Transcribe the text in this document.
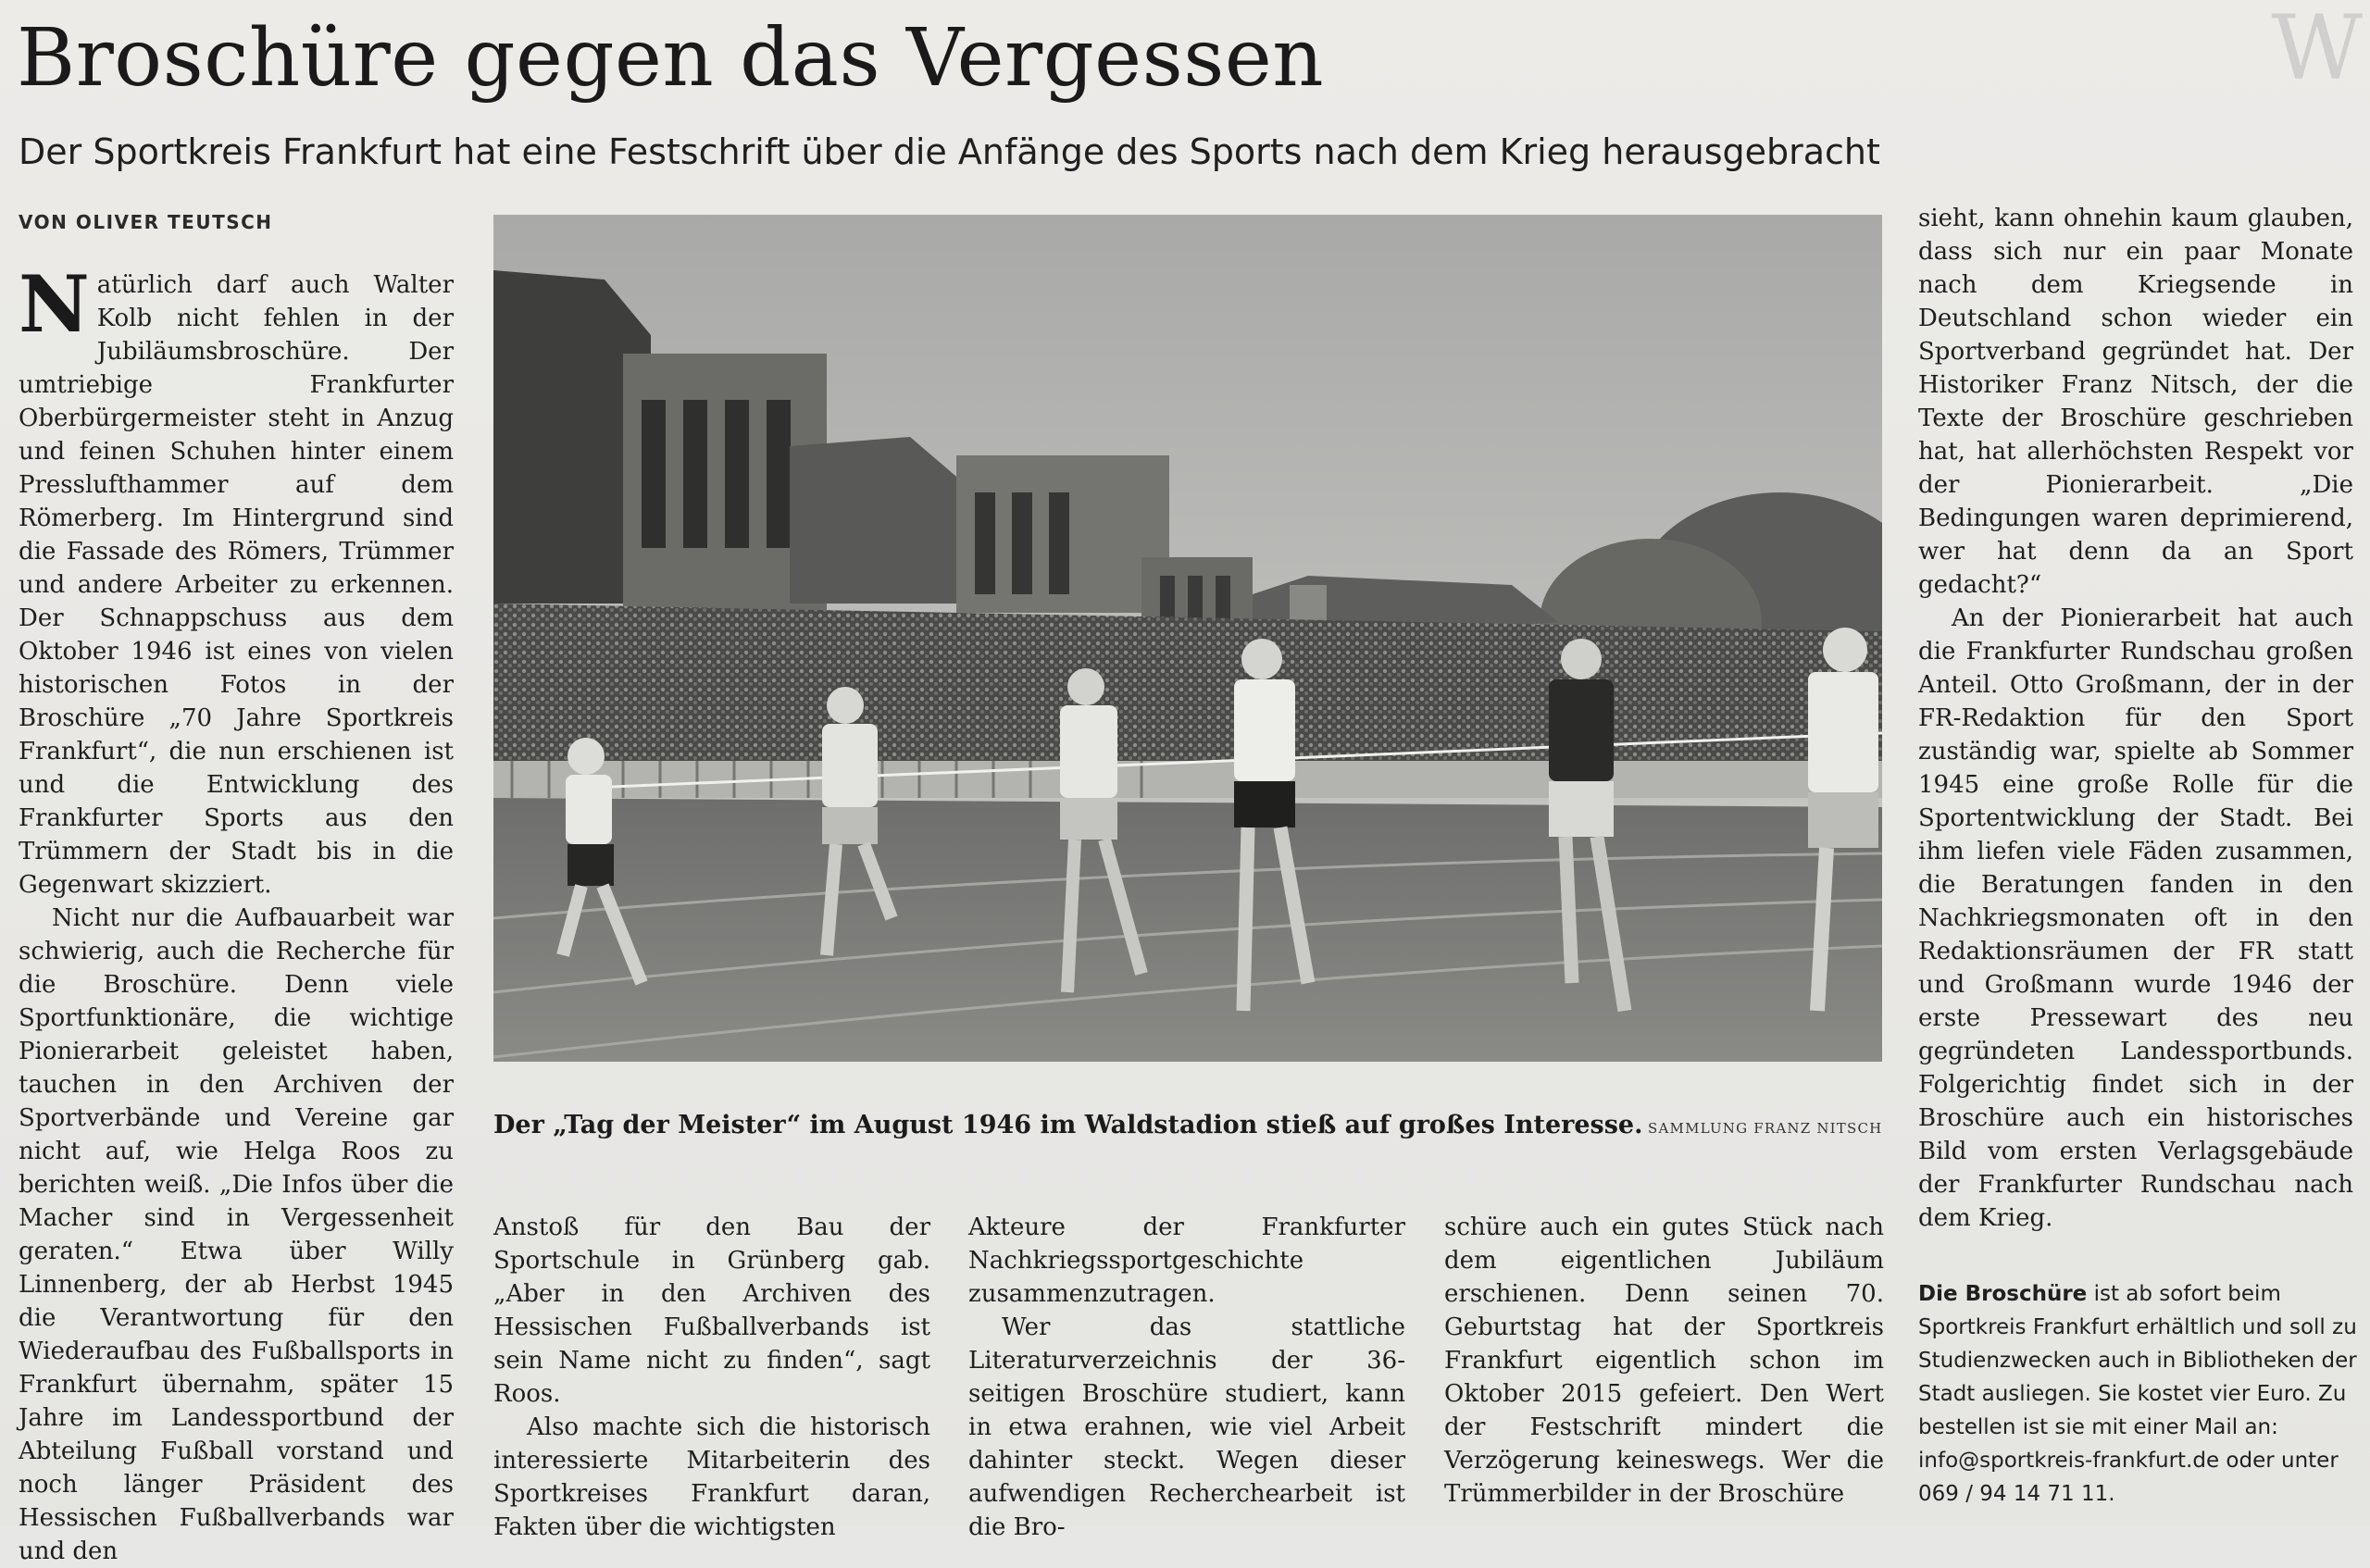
W
Broschüre gegen das Vergessen
Der Sportkreis Frankfurt hat eine Festschrift über die Anfänge des Sports nach dem Krieg herausgebracht
VON OLIVER TEUTSCH

Natürlich darf auch Walter Kolb nicht fehlen in der Jubiläumsbroschüre. Der umtriebige Frankfurter Oberbürgermeister steht in Anzug und feinen Schuhen hinter einem Presslufthammer auf dem Römerberg. Im Hintergrund sind die Fassade des Römers, Trümmer und andere Arbeiter zu erkennen. Der Schnappschuss aus dem Oktober 1946 ist eines von vielen historischen Fotos in der Broschüre „70 Jahre Sportkreis Frankfurt“, die nun erschienen ist und die Entwicklung des Frankfurter Sports aus den Trümmern der Stadt bis in die Gegenwart skizziert.

Nicht nur die Aufbauarbeit war schwierig, auch die Recherche für die Broschüre. Denn viele Sportfunktionäre, die wichtige Pionierarbeit geleistet haben, tauchen in den Archiven der Sportverbände und Vereine gar nicht auf, wie Helga Roos zu berichten weiß. „Die Infos über die Macher sind in Vergessenheit geraten.“ Etwa über Willy Linnenberg, der ab Herbst 1945 die Verantwortung für den Wiederaufbau des Fußballsports in Frankfurt übernahm, später 15 Jahre im Landessportbund der Abteilung Fußball vorstand und noch länger Präsident des Hessischen Fußballverbands war und den

Der „Tag der Meister“ im August 1946 im Waldstadion stieß auf großes Interesse. SAMMLUNG FRANZ NITSCH

Anstoß für den Bau der Sportschule in Grünberg gab. „Aber in den Archiven des Hessischen Fußballverbands ist sein Name nicht zu finden“, sagt Roos.

Also machte sich die historisch interessierte Mitarbeiterin des Sportkreises Frankfurt daran, Fakten über die wichtigsten

Akteure der Frankfurter Nachkriegssportgeschichte zusammenzutragen.

Wer das stattliche Literaturverzeichnis der 36-seitigen Broschüre studiert, kann in etwa erahnen, wie viel Arbeit dahinter steckt. Wegen dieser aufwendigen Recherchearbeit ist die Bro-

schüre auch ein gutes Stück nach dem eigentlichen Jubiläum erschienen. Denn seinen 70. Geburtstag hat der Sportkreis Frankfurt eigentlich schon im Oktober 2015 gefeiert. Den Wert der Festschrift mindert die Verzögerung keineswegs. Wer die Trümmerbilder in der Broschüre

sieht, kann ohnehin kaum glauben, dass sich nur ein paar Monate nach dem Kriegsende in Deutschland schon wieder ein Sportverband gegründet hat. Der Historiker Franz Nitsch, der die Texte der Broschüre geschrieben hat, hat allerhöchsten Respekt vor der Pionierarbeit. „Die Bedingungen waren deprimierend, wer hat denn da an Sport gedacht?“

An der Pionierarbeit hat auch die Frankfurter Rundschau großen Anteil. Otto Großmann, der in der FR-Redaktion für den Sport zuständig war, spielte ab Sommer 1945 eine große Rolle für die Sportentwicklung der Stadt. Bei ihm liefen viele Fäden zusammen, die Beratungen fanden in den Nachkriegsmonaten oft in den Redaktionsräumen der FR statt und Großmann wurde 1946 der erste Pressewart des neu gegründeten Landessportbunds. Folgerichtig findet sich in der Broschüre auch ein historisches Bild vom ersten Verlagsgebäude der Frankfurter Rundschau nach dem Krieg.

Die Broschüre ist ab sofort beim Sportkreis Frankfurt erhältlich und soll zu Studienzwecken auch in Bibliotheken der Stadt ausliegen. Sie kostet vier Euro. Zu bestellen ist sie mit einer Mail an: info@sportkreis-frankfurt.de oder unter 069 / 94 14 71 11.
